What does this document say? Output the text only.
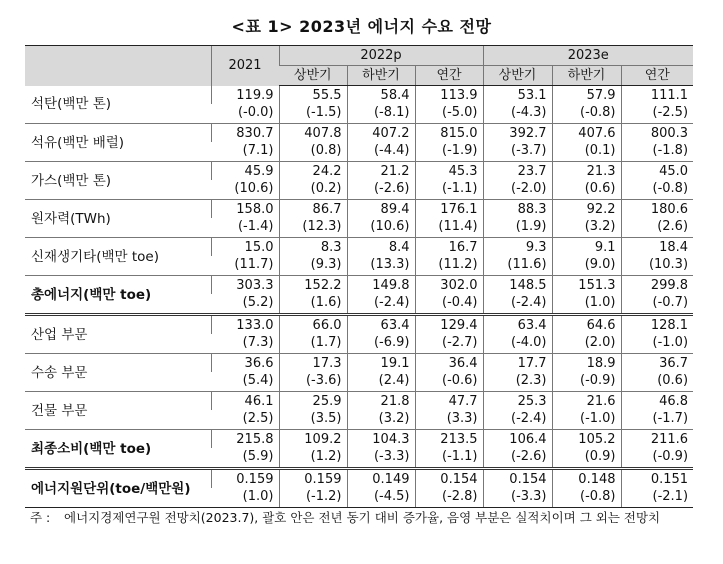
<표 1> 2023년 에너지 수요 전망
	2021	2022p			2023e		
		상반기	하반기	연간	상반기	하반기	연간
석탄(백만 톤)	119.9	55.5	58.4	113.9	53.1	57.9	111.1
	(-0.0)	(-1.5)	(-8.1)	(-5.0)	(-4.3)	(-0.8)	(-2.5)
석유(백만 배럴)	830.7	407.8	407.2	815.0	392.7	407.6	800.3
	(7.1)	(0.8)	(-4.4)	(-1.9)	(-3.7)	(0.1)	(-1.8)
가스(백만 톤)	45.9	24.2	21.2	45.3	23.7	21.3	45.0
	(10.6)	(0.2)	(-2.6)	(-1.1)	(-2.0)	(0.6)	(-0.8)
원자력(TWh)	158.0	86.7	89.4	176.1	88.3	92.2	180.6
	(-1.4)	(12.3)	(10.6)	(11.4)	(1.9)	(3.2)	(2.6)
신재생기타(백만 toe)	15.0	8.3	8.4	16.7	9.3	9.1	18.4
	(11.7)	(9.3)	(13.3)	(11.2)	(11.6)	(9.0)	(10.3)
총에너지(백만 toe)	303.3	152.2	149.8	302.0	148.5	151.3	299.8
	(5.2)	(1.6)	(-2.4)	(-0.4)	(-2.4)	(1.0)	(-0.7)
산업 부문	133.0	66.0	63.4	129.4	63.4	64.6	128.1
	(7.3)	(1.7)	(-6.9)	(-2.7)	(-4.0)	(2.0)	(-1.0)
수송 부문	36.6	17.3	19.1	36.4	17.7	18.9	36.7
	(5.4)	(-3.6)	(2.4)	(-0.6)	(2.3)	(-0.9)	(0.6)
건물 부문	46.1	25.9	21.8	47.7	25.3	21.6	46.8
	(2.5)	(3.5)	(3.2)	(3.3)	(-2.4)	(-1.0)	(-1.7)
최종소비(백만 toe)	215.8	109.2	104.3	213.5	106.4	105.2	211.6
	(5.9)	(1.2)	(-3.3)	(-1.1)	(-2.6)	(0.9)	(-0.9)
에너지원단위(toe/백만원)	0.159	0.159	0.149	0.154	0.154	0.148	0.151
	(1.0)	(-1.2)	(-4.5)	(-2.8)	(-3.3)	(-0.8)	(-2.1)
주 : 에너지경제연구원 전망치(2023.7), 괄호 안은 전년 동기 대비 증가율, 음영 부분은 실적치이며 그 외는 전망치
